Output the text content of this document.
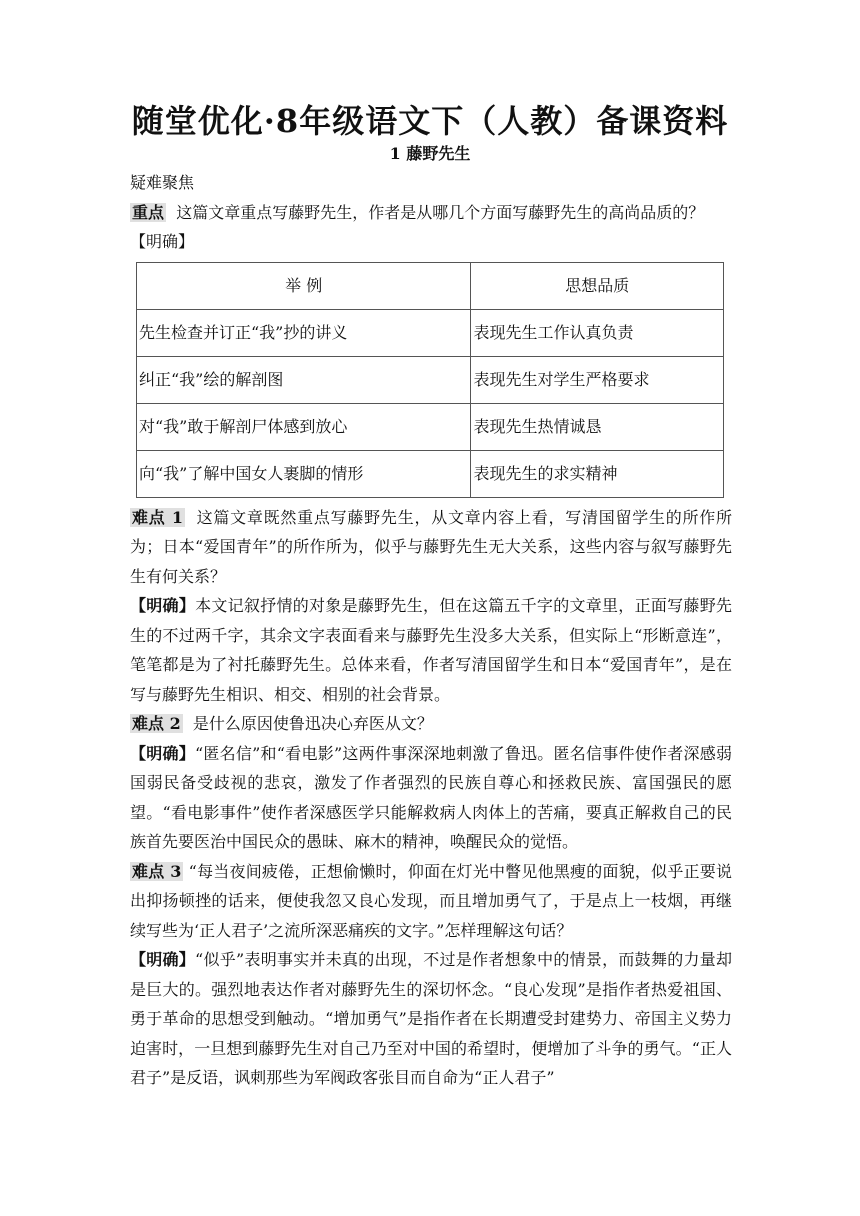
随堂优化·8年级语文下（人教）备课资料
1 藤野先生

疑难聚焦

重点 这篇文章重点写藤野先生，作者是从哪几个方面写藤野先生的高尚品质的？

【明确】

举 例	思想品质
先生检查并订正“我”抄的讲义	表现先生工作认真负责
纠正“我”绘的解剖图	表现先生对学生严格要求
对“我”敢于解剖尸体感到放心	表现先生热情诚恳
向“我”了解中国女人裹脚的情形	表现先生的求实精神

难点 1 这篇文章既然重点写藤野先生，从文章内容上看，写清国留学生的所作所为；日本“爱国青年”的所作所为，似乎与藤野先生无大关系，这些内容与叙写藤野先生有何关系？

【明确】本文记叙抒情的对象是藤野先生，但在这篇五千字的文章里，正面写藤野先生的不过两千字，其余文字表面看来与藤野先生没多大关系，但实际上“形断意连”，笔笔都是为了衬托藤野先生。总体来看，作者写清国留学生和日本“爱国青年”，是在写与藤野先生相识、相交、相别的社会背景。

难点 2 是什么原因使鲁迅决心弃医从文？

【明确】“匿名信”和“看电影”这两件事深深地刺激了鲁迅。匿名信事件使作者深感弱国弱民备受歧视的悲哀，激发了作者强烈的民族自尊心和拯救民族、富国强民的愿望。“看电影事件”使作者深感医学只能解救病人肉体上的苦痛，要真正解救自己的民族首先要医治中国民众的愚昧、麻木的精神，唤醒民众的觉悟。

难点 3 “每当夜间疲倦，正想偷懒时，仰面在灯光中瞥见他黑瘦的面貌，似乎正要说出抑扬顿挫的话来，便使我忽又良心发现，而且增加勇气了，于是点上一枝烟，再继续写些为‘正人君子’之流所深恶痛疾的文字。”怎样理解这句话？

【明确】“似乎”表明事实并未真的出现，不过是作者想象中的情景，而鼓舞的力量却是巨大的。强烈地表达作者对藤野先生的深切怀念。“良心发现”是指作者热爱祖国、勇于革命的思想受到触动。“增加勇气”是指作者在长期遭受封建势力、帝国主义势力迫害时，一旦想到藤野先生对自己乃至对中国的希望时，便增加了斗争的勇气。“正人君子”是反语，讽刺那些为军阀政客张目而自命为“正人君子”
